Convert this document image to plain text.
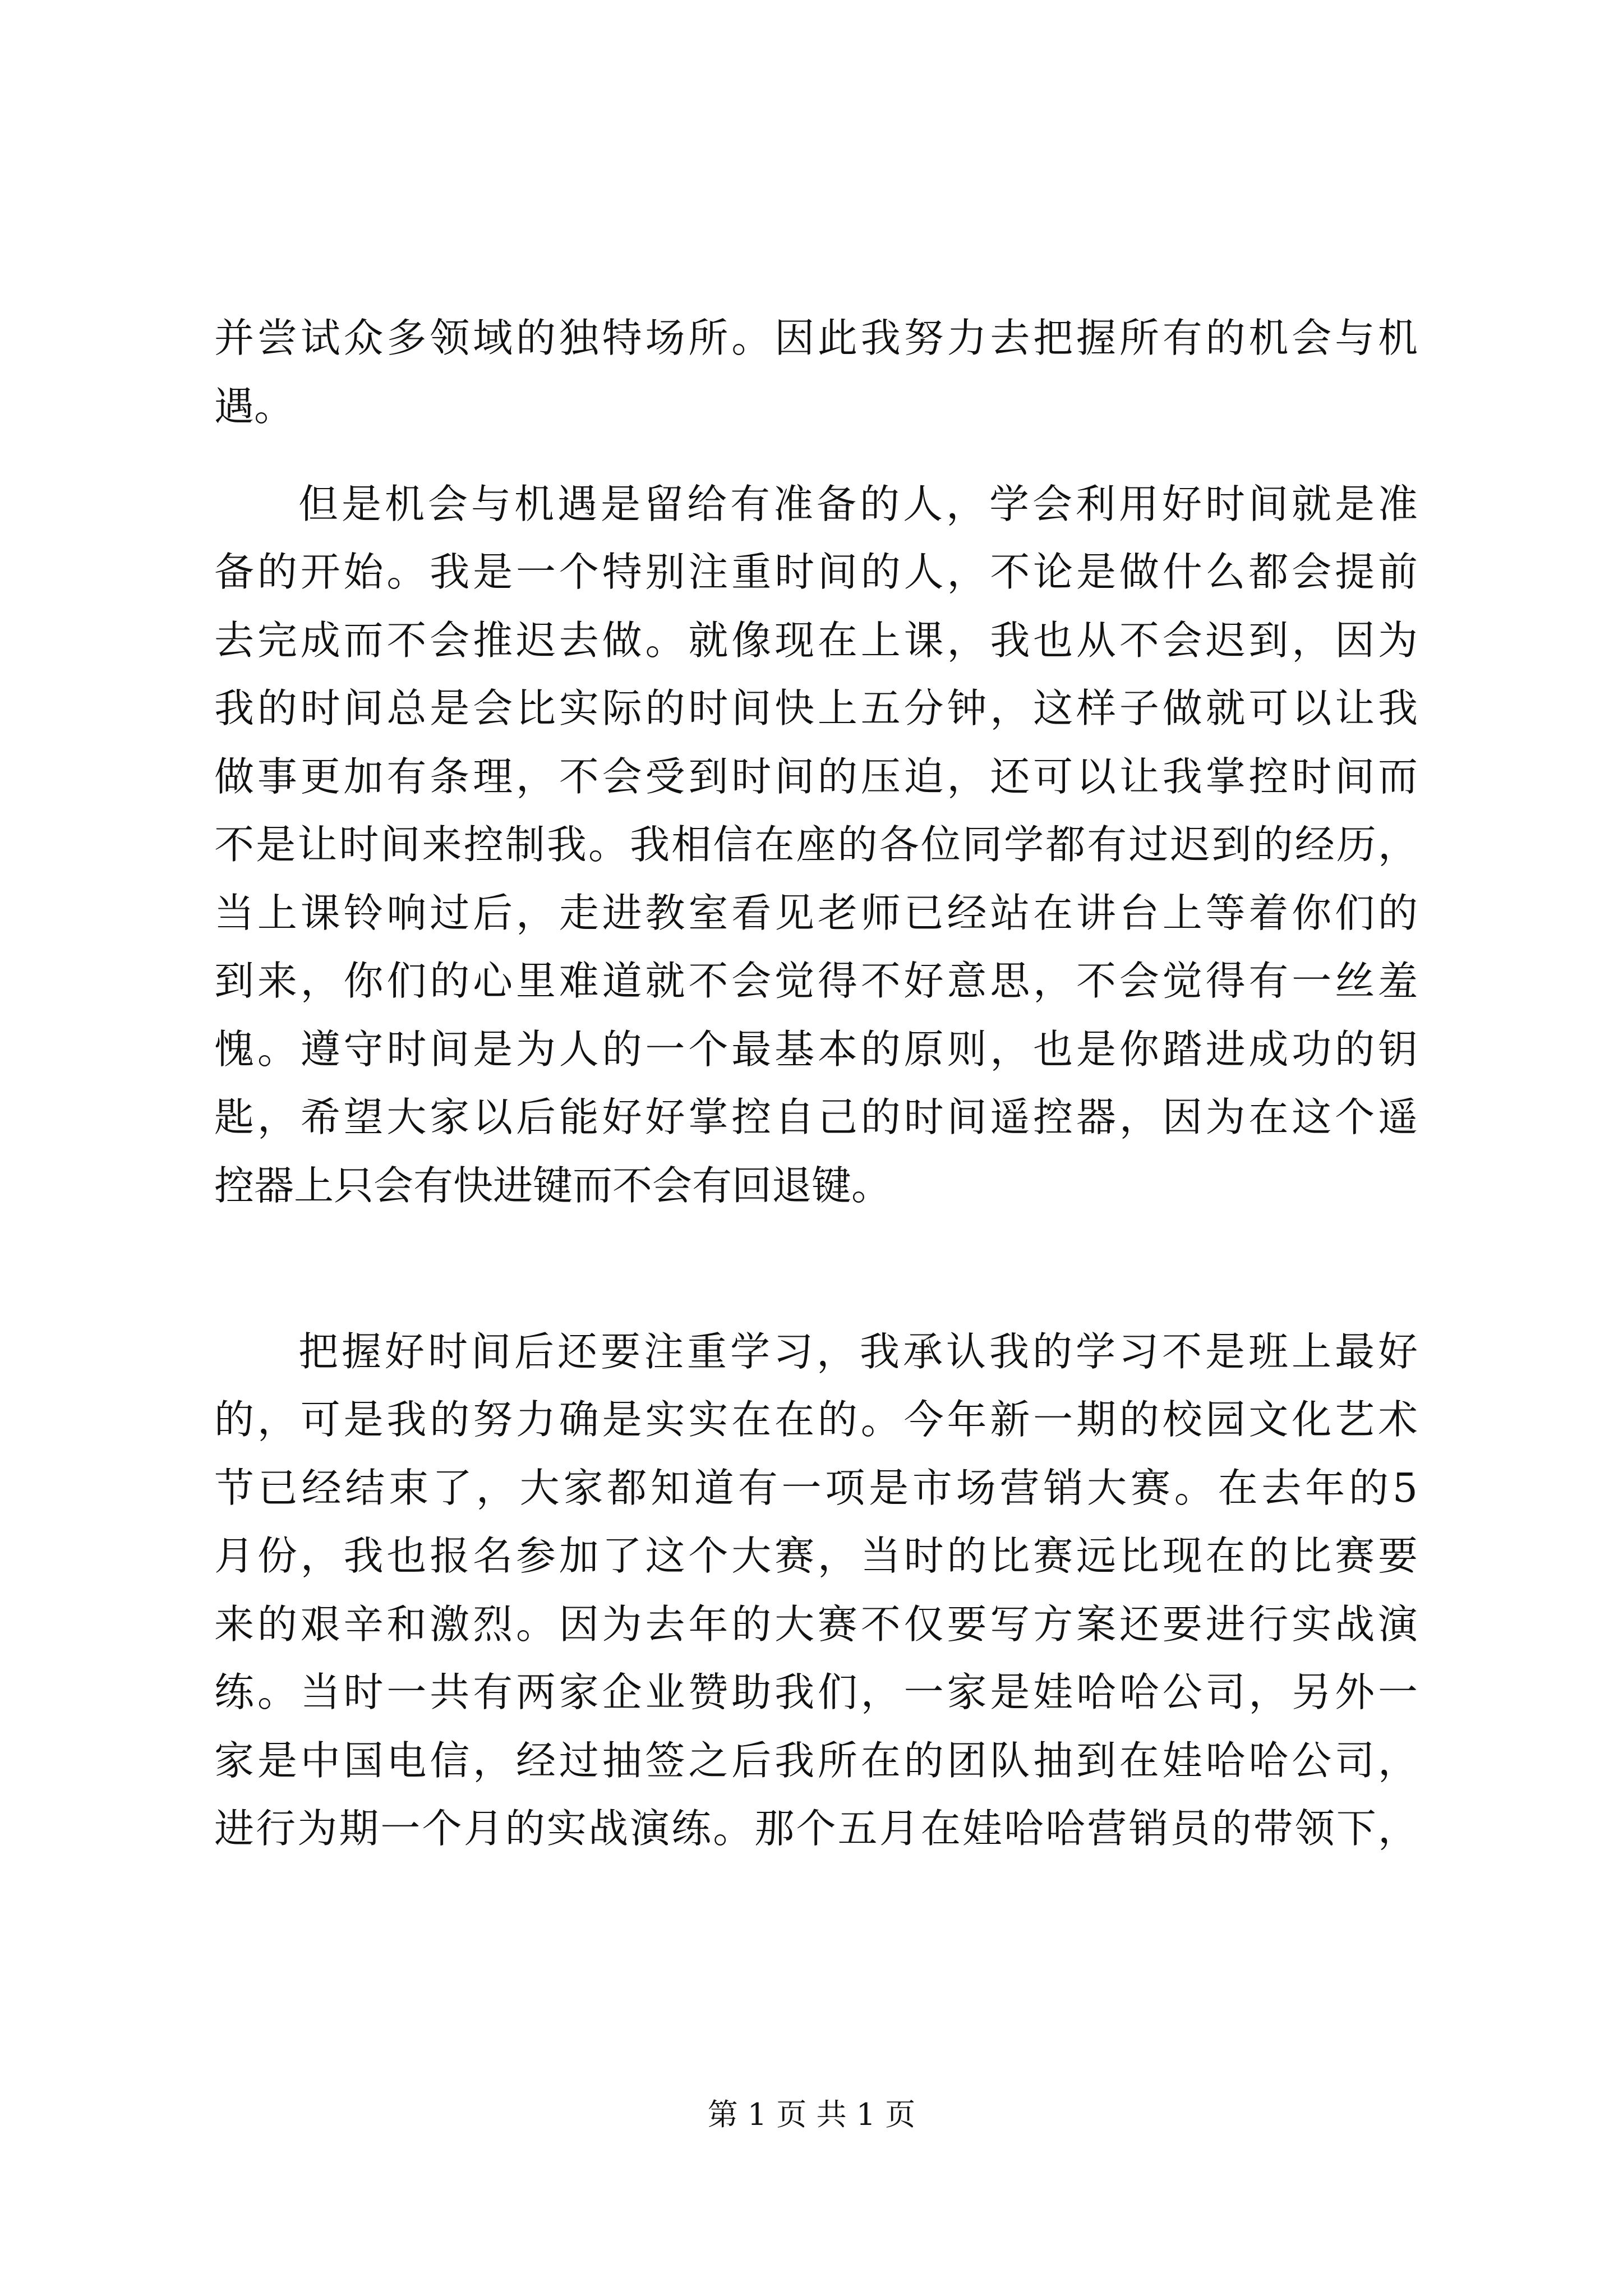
并尝试众多领域的独特场所。因此我努力去把握所有的机会与机
遇。
但是机会与机遇是留给有准备的人，学会利用好时间就是准
备的开始。我是一个特别注重时间的人，不论是做什么都会提前
去完成而不会推迟去做。就像现在上课，我也从不会迟到，因为
我的时间总是会比实际的时间快上五分钟，这样子做就可以让我
做事更加有条理，不会受到时间的压迫，还可以让我掌控时间而
不是让时间来控制我。我相信在座的各位同学都有过迟到的经历，
当上课铃响过后，走进教室看见老师已经站在讲台上等着你们的
到来，你们的心里难道就不会觉得不好意思，不会觉得有一丝羞
愧。遵守时间是为人的一个最基本的原则，也是你踏进成功的钥
匙，希望大家以后能好好掌控自己的时间遥控器，因为在这个遥
控器上只会有快进键而不会有回退键。
把握好时间后还要注重学习，我承认我的学习不是班上最好
的，可是我的努力确是实实在在的。今年新一期的校园文化艺术
节已经结束了，大家都知道有一项是市场营销大赛。在去年的5
月份，我也报名参加了这个大赛，当时的比赛远比现在的比赛要
来的艰辛和激烈。因为去年的大赛不仅要写方案还要进行实战演
练。当时一共有两家企业赞助我们，一家是娃哈哈公司，另外一
家是中国电信，经过抽签之后我所在的团队抽到在娃哈哈公司，
进行为期一个月的实战演练。那个五月在娃哈哈营销员的带领下，
第 1 页 共 1 页
